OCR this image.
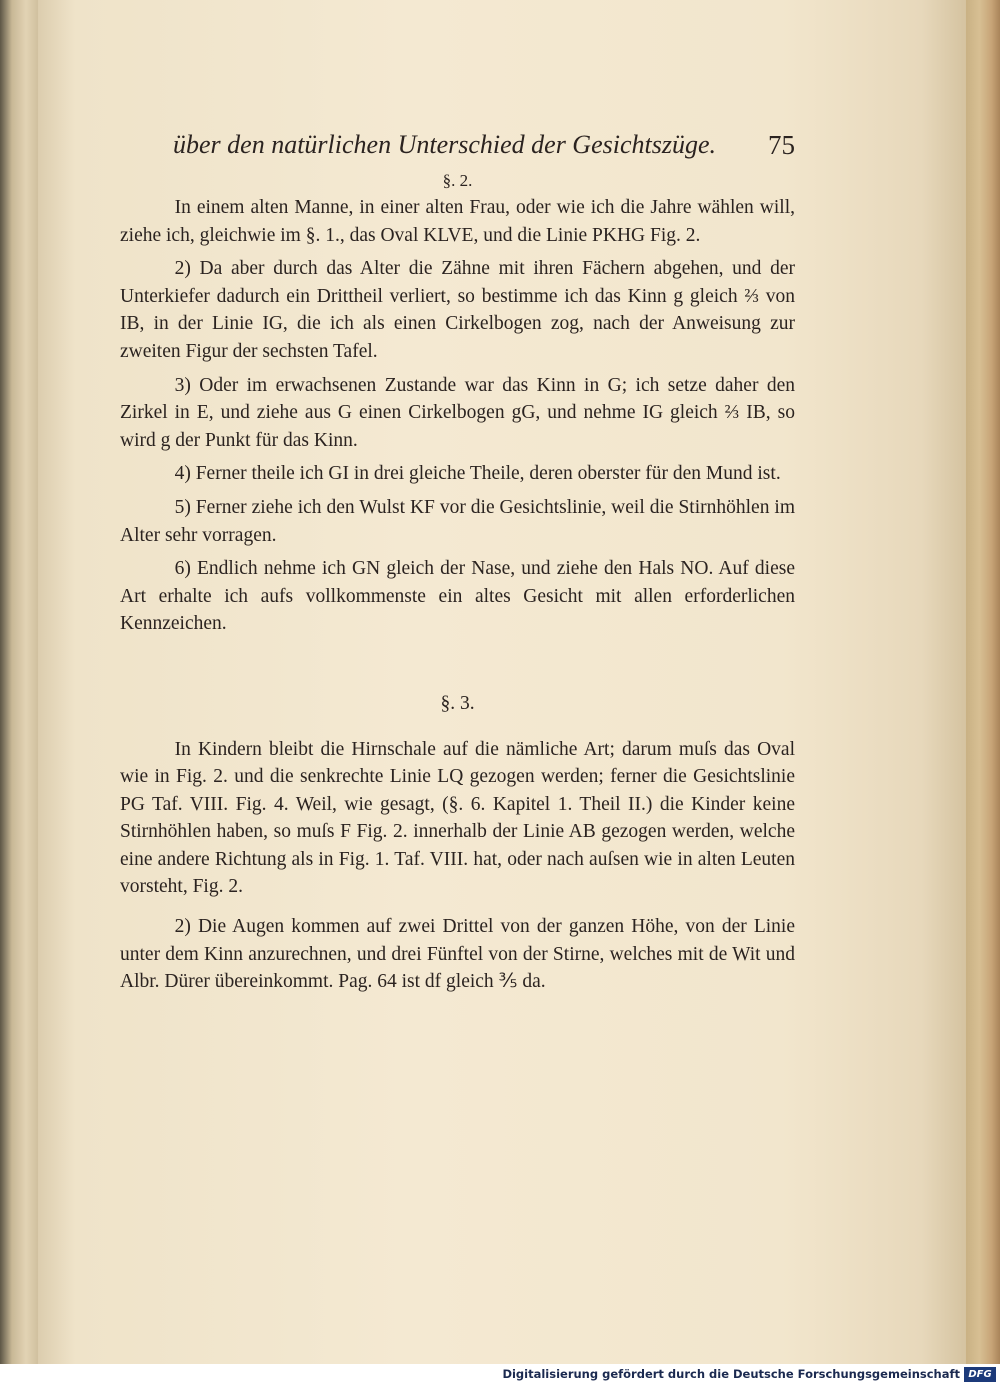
über den natürlichen Unterschied der Gesichtszüge. 75
§. 2.

In einem alten Manne, in einer alten Frau, oder wie ich die Jahre wählen will, ziehe ich, gleichwie im §. 1., das Oval KLVE, und die Linie PKHG Fig. 2.

2) Da aber durch das Alter die Zähne mit ihren Fächern abgehen, und der Unterkiefer dadurch ein Drittheil verliert, so bestimme ich das Kinn g gleich ⅔ von IB, in der Linie IG, die ich als einen Cirkelbogen zog, nach der Anweisung zur zweiten Figur der sechsten Tafel.

3) Oder im erwachsenen Zustande war das Kinn in G; ich setze daher den Zirkel in E, und ziehe aus G einen Cirkelbogen gG, und nehme IG gleich ⅔ IB, so wird g der Punkt für das Kinn.

4) Ferner theile ich GI in drei gleiche Theile, deren oberster für den Mund ist.

5) Ferner ziehe ich den Wulst KF vor die Gesichtslinie, weil die Stirnhöhlen im Alter sehr vorragen.

6) Endlich nehme ich GN gleich der Nase, und ziehe den Hals NO. Auf diese Art erhalte ich aufs vollkommenste ein altes Gesicht mit allen erforderlichen Kennzeichen.

§. 3.

In Kindern bleibt die Hirnschale auf die nämliche Art; darum muſs das Oval wie in Fig. 2. und die senkrechte Linie LQ gezogen werden; ferner die Gesichtslinie PG Taf. VIII. Fig. 4. Weil, wie gesagt, (§. 6. Kapitel 1. Theil II.) die Kinder keine Stirnhöhlen haben, so muſs F Fig. 2. innerhalb der Linie AB gezogen werden, welche eine andere Richtung als in Fig. 1. Taf. VIII. hat, oder nach auſsen wie in alten Leuten vorsteht, Fig. 2.

2) Die Augen kommen auf zwei Drittel von der ganzen Höhe, von der Linie unter dem Kinn anzurechnen, und drei Fünftel von der Stirne, welches mit de Wit und Albr. Dürer übereinkommt. Pag. 64 ist df gleich ⅗ da.

Digitalisierung gefördert durch die Deutsche Forschungsgemeinschaft DFG
